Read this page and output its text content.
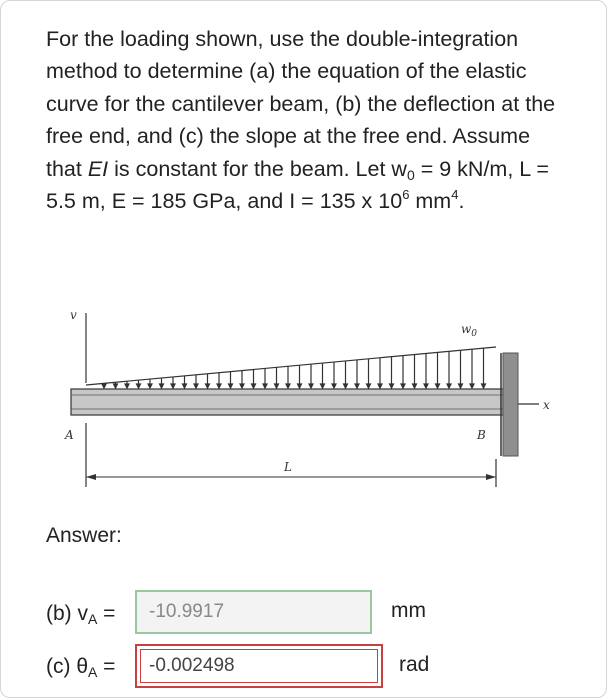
For the loading shown, use the double-integration method to determine (a) the equation of the elastic curve for the cantilever beam, (b) the deflection at the free end, and (c) the slope at the free end. Assume that EI is constant for the beam. Let $w_0 = 9$ kN/m, L = 5.5 m, E = 185 GPa, and I = 135 x $10^6$ $mm^4$.

v
$w_0$
x
B
A
L
Answer:
(b) $v_A$ =	-10.9917	mm
(c) $\theta_A$ =	-0.002498	rad
